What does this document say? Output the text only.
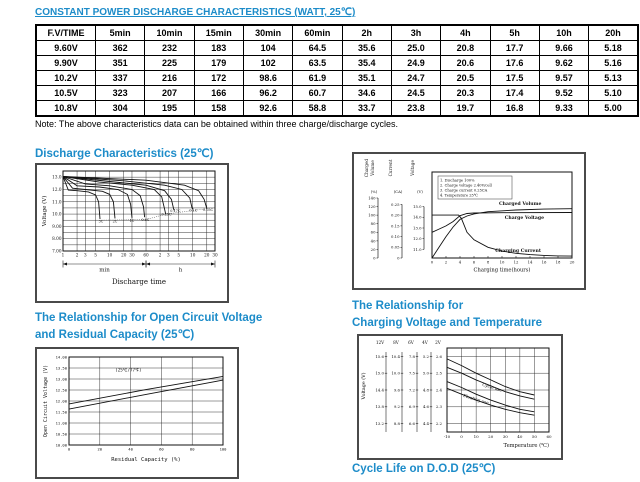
CONSTANT POWER DISCHARGE CHARACTERISTICS (WATT, 25℃)
F.V/TIME	5min	10min	15min	30min	60min	2h	3h	4h	5h	10h	20h
9.60V	362	232	183	104	64.5	35.6	25.0	20.8	17.7	9.66	5.18
9.90V	351	225	179	102	63.5	35.4	24.9	20.6	17.6	9.62	5.16
10.2V	337	216	172	98.6	61.9	35.1	24.7	20.5	17.5	9.57	5.13
10.5V	323	207	166	96.2	60.7	34.6	24.5	20.3	17.4	9.52	5.10
10.8V	304	195	158	92.6	58.8	33.7	23.8	19.7	16.8	9.33	5.00
Note: The above characteristics data can be obtained within three charge/discharge cycles.
Discharge Characteristics (25℃)
1	2 3 5 10 20 30 60 2 3 5 10 20 30
13.0
12.0
11.0
10.0
9.00
8.00
7.00
Voltage (V)	3C	2C	1C 0.6C
0.25C
0.17C	0.1C 0.05C
min	h
Discharge time
0	2	4	6	8	10 12 14 16 18 20
Charging time(hours)
0
20
40
60
80
100
120
140
Charged Volume
(%)
0
0.05
0.10
0.15
0.20
0.25
Current
(CA)
11.0
12.0
13.0
14.0
15.0
Voltage
(V)
1. Discharge 100%
2. Charge voltage 2.40V/cell
3. Charge current 0.25CA
4. Temperature 25℃
Charged Volume
Charge Voltage
Charging Current
The Relationship for Open Circuit Voltage
and Residual Capacity (25℃)
14.00
13.50
13.00
12.50
12.00
11.50
11.00
10.50
10.00
0	20	40	60	80	100
Open Circuit Voltage (V)
Residual Capacity (%)
(25℃/77℉)
The Relationship for
Charging Voltage and Temperature
-10	0	10 20 30 40 50 60
Temperature (℃)
Voltage (V)
12V
15.6
15.0
14.4
13.8
13.2
8V
10.4
10.0
9.6
9.2
8.8
6V
7.8
7.5
7.2
6.9
6.6
4V
5.2
5.0
4.8
4.6
4.4
2V
2.6
2.5
2.4
2.3
2.2
Cycle use
Floating use
Cycle Life on D.O.D (25℃)
